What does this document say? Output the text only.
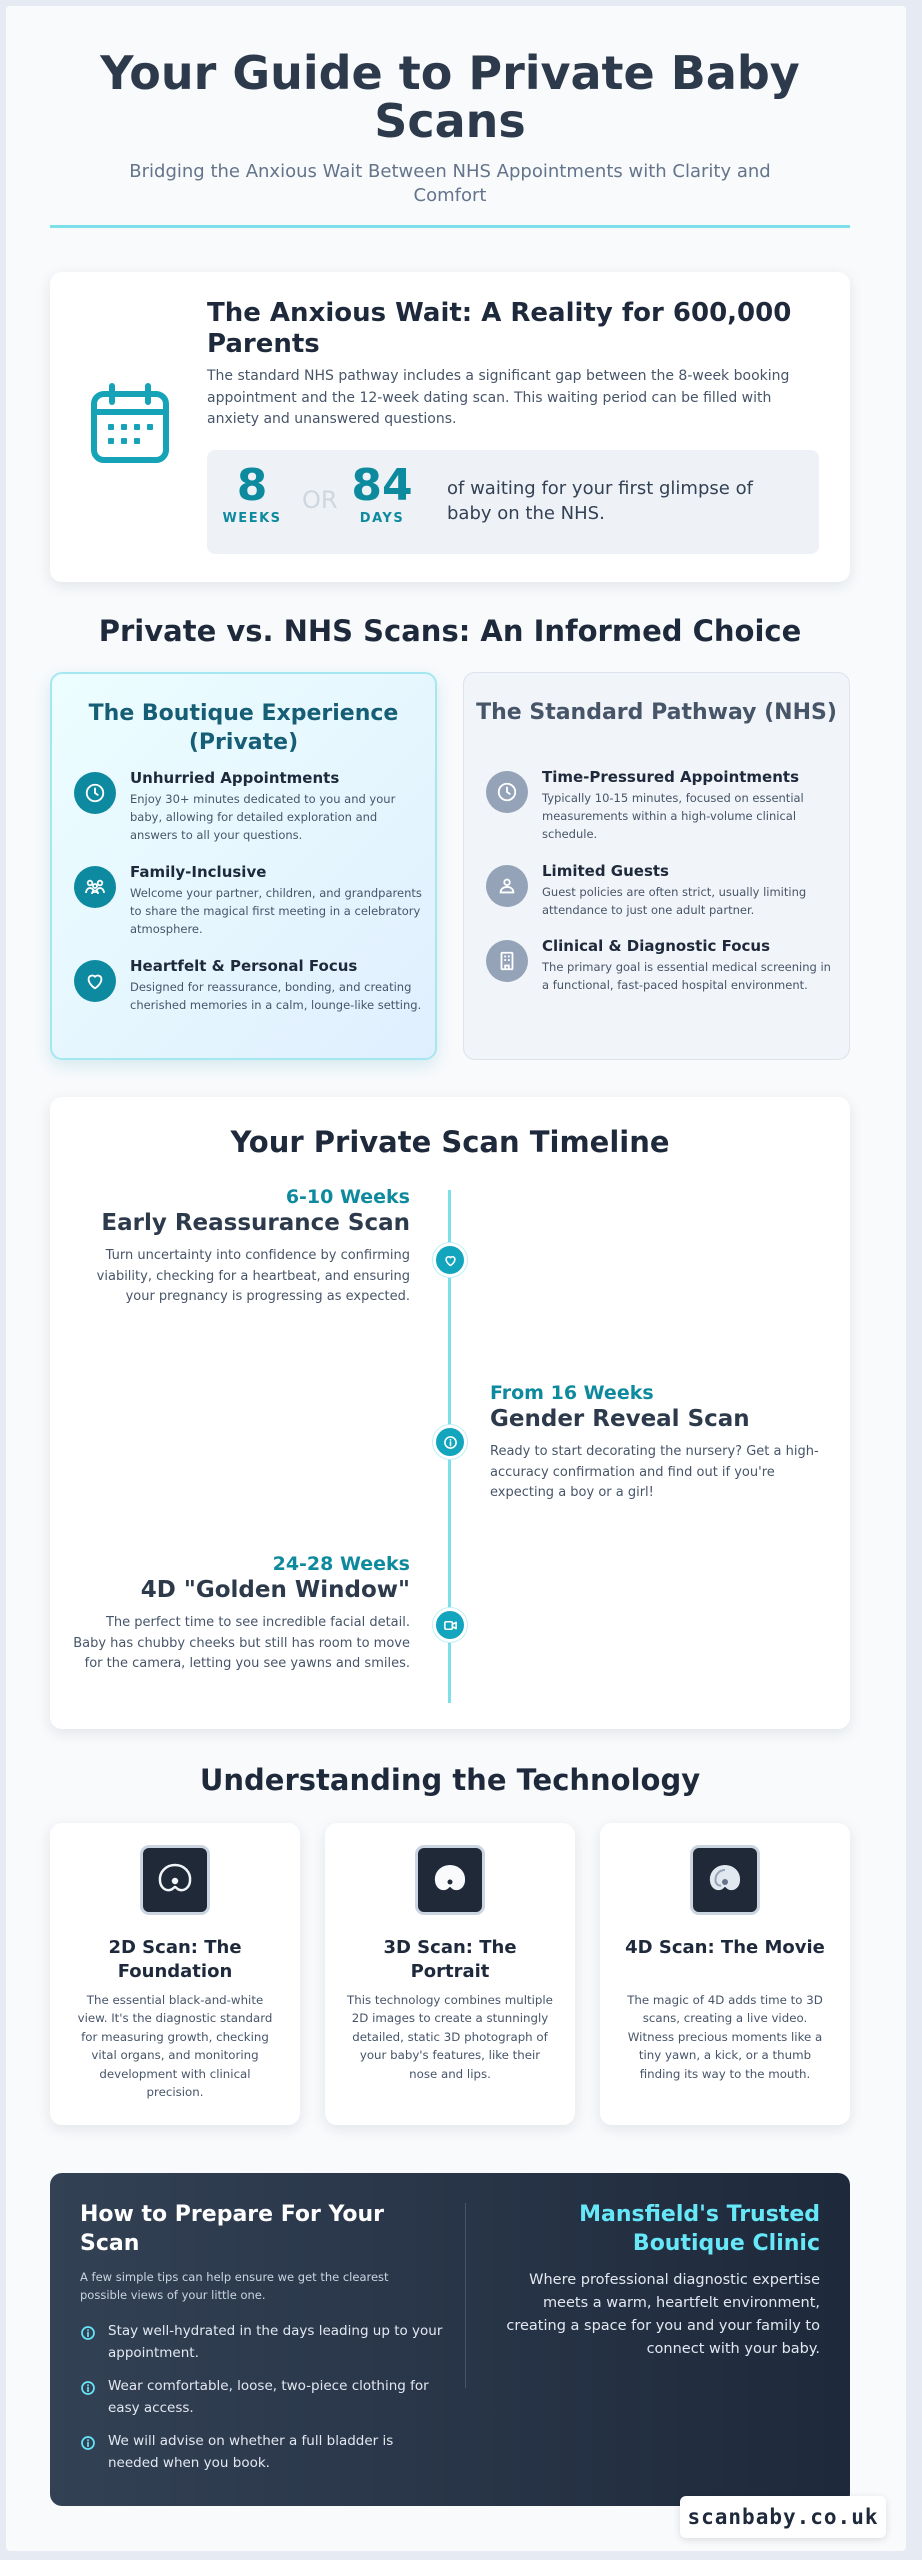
Your Guide to Private Baby Scans
Bridging the Anxious Wait Between NHS Appointments with Clarity and Comfort
The Anxious Wait: A Reality for 600,000 Parents
The standard NHS pathway includes a significant gap between the 8-week booking appointment and the 12-week dating scan. This waiting period can be filled with anxiety and unanswered questions.
8
WEEKS
OR 84
DAYS
of waiting for your first glimpse of baby on the NHS.
Private vs. NHS Scans: An Informed Choice
The Boutique Experience (Private)
Unhurried Appointments
Enjoy 30+ minutes dedicated to you and your baby, allowing for detailed exploration and answers to all your questions.
Family-Inclusive
Welcome your partner, children, and grandparents to share the magical first meeting in a celebratory atmosphere.
Heartfelt & Personal Focus
Designed for reassurance, bonding, and creating cherished memories in a calm, lounge-like setting.
The Standard Pathway (NHS)
Time-Pressured Appointments
Typically 10-15 minutes, focused on essential measurements within a high-volume clinical schedule.
Limited Guests
Guest policies are often strict, usually limiting attendance to just one adult partner.
Clinical & Diagnostic Focus
The primary goal is essential medical screening in a functional, fast-paced hospital environment.
Your Private Scan Timeline
6-10 Weeks
Early Reassurance Scan
Turn uncertainty into confidence by confirming viability, checking for a heartbeat, and ensuring your pregnancy is progressing as expected.
From 16 Weeks
Gender Reveal Scan
Ready to start decorating the nursery? Get a high-accuracy confirmation and find out if you're expecting a boy or a girl!
24-28 Weeks
4D "Golden Window"
The perfect time to see incredible facial detail. Baby has chubby cheeks but still has room to move for the camera, letting you see yawns and smiles.
Understanding the Technology
2D Scan: The Foundation
The essential black-and-white view. It's the diagnostic standard for measuring growth, checking vital organs, and monitoring development with clinical precision.
3D Scan: The Portrait
This technology combines multiple 2D images to create a stunningly detailed, static 3D photograph of your baby's features, like their nose and lips.
4D Scan: The Movie
The magic of 4D adds time to 3D scans, creating a live video. Witness precious moments like a tiny yawn, a kick, or a thumb finding its way to the mouth.
How to Prepare For Your Scan
A few simple tips can help ensure we get the clearest possible views of your little one.
Stay well-hydrated in the days leading up to your appointment.
Wear comfortable, loose, two-piece clothing for easy access.
We will advise on whether a full bladder is needed when you book.
Mansfield's Trusted Boutique Clinic
Where professional diagnostic expertise meets a warm, heartfelt environment, creating a space for you and your family to connect with your baby.
scanbaby.co.uk
